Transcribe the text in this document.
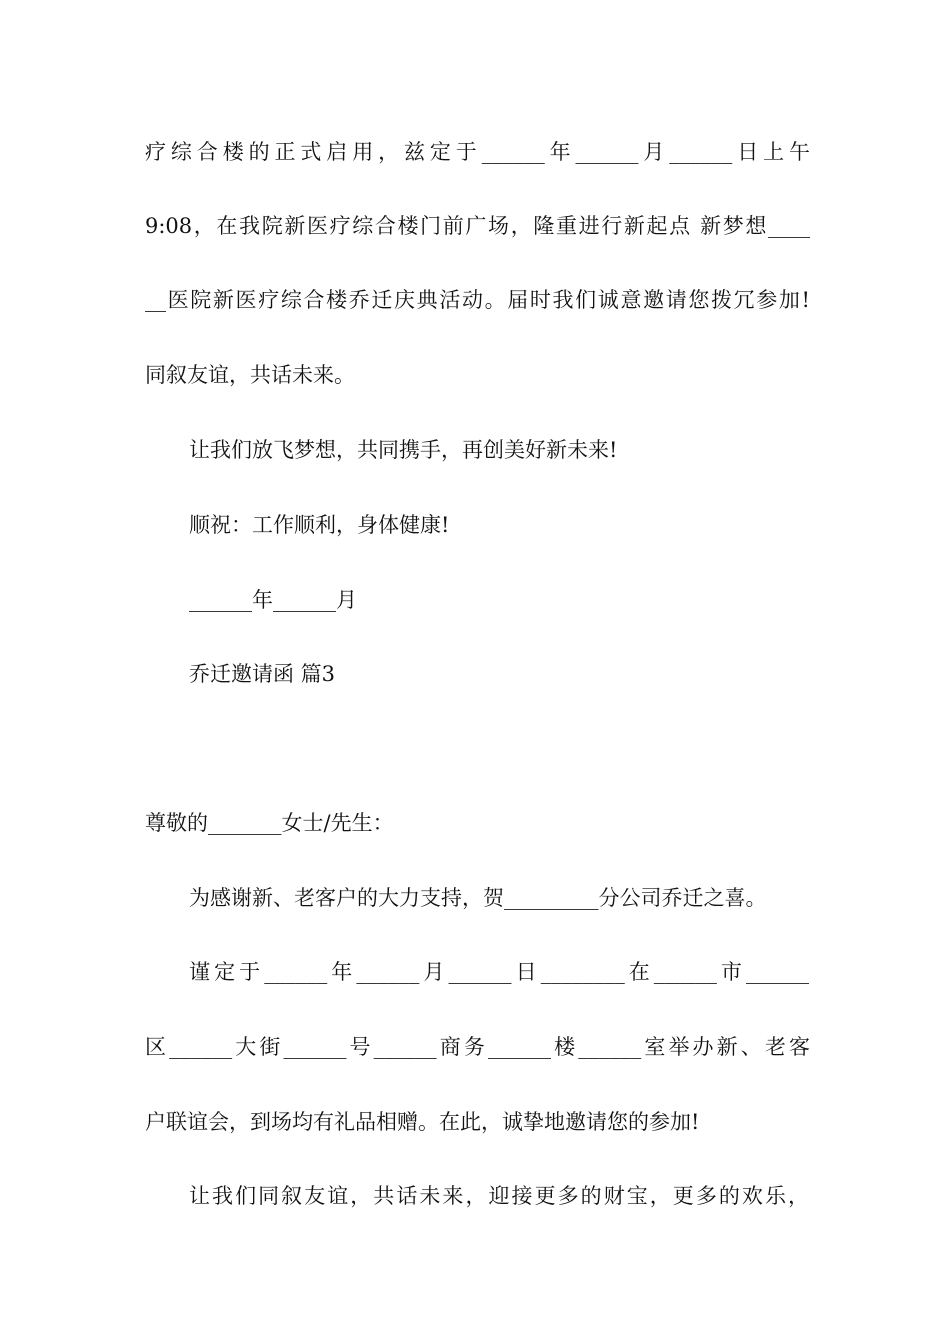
疗综合楼的正式启用，兹定于______年______月______日上午
9:08，在我院新医疗综合楼门前广场，隆重进行新起点 新梦想____
__医院新医疗综合楼乔迁庆典活动。届时我们诚意邀请您拨冗参加!
同叙友谊，共话未来。
让我们放飞梦想，共同携手，再创美好新未来!
顺祝：工作顺利，身体健康!
______年______月
乔迁邀请函 篇3
尊敬的_______女士/先生：
为感谢新、老客户的大力支持，贺_________分公司乔迁之喜。
谨定于______年______月______日________在______市______
区______大街______号______商务______楼______室举办新、老客
户联谊会，到场均有礼品相赠。在此，诚挚地邀请您的参加!
让我们同叙友谊，共话未来，迎接更多的财宝，更多的欢乐，
